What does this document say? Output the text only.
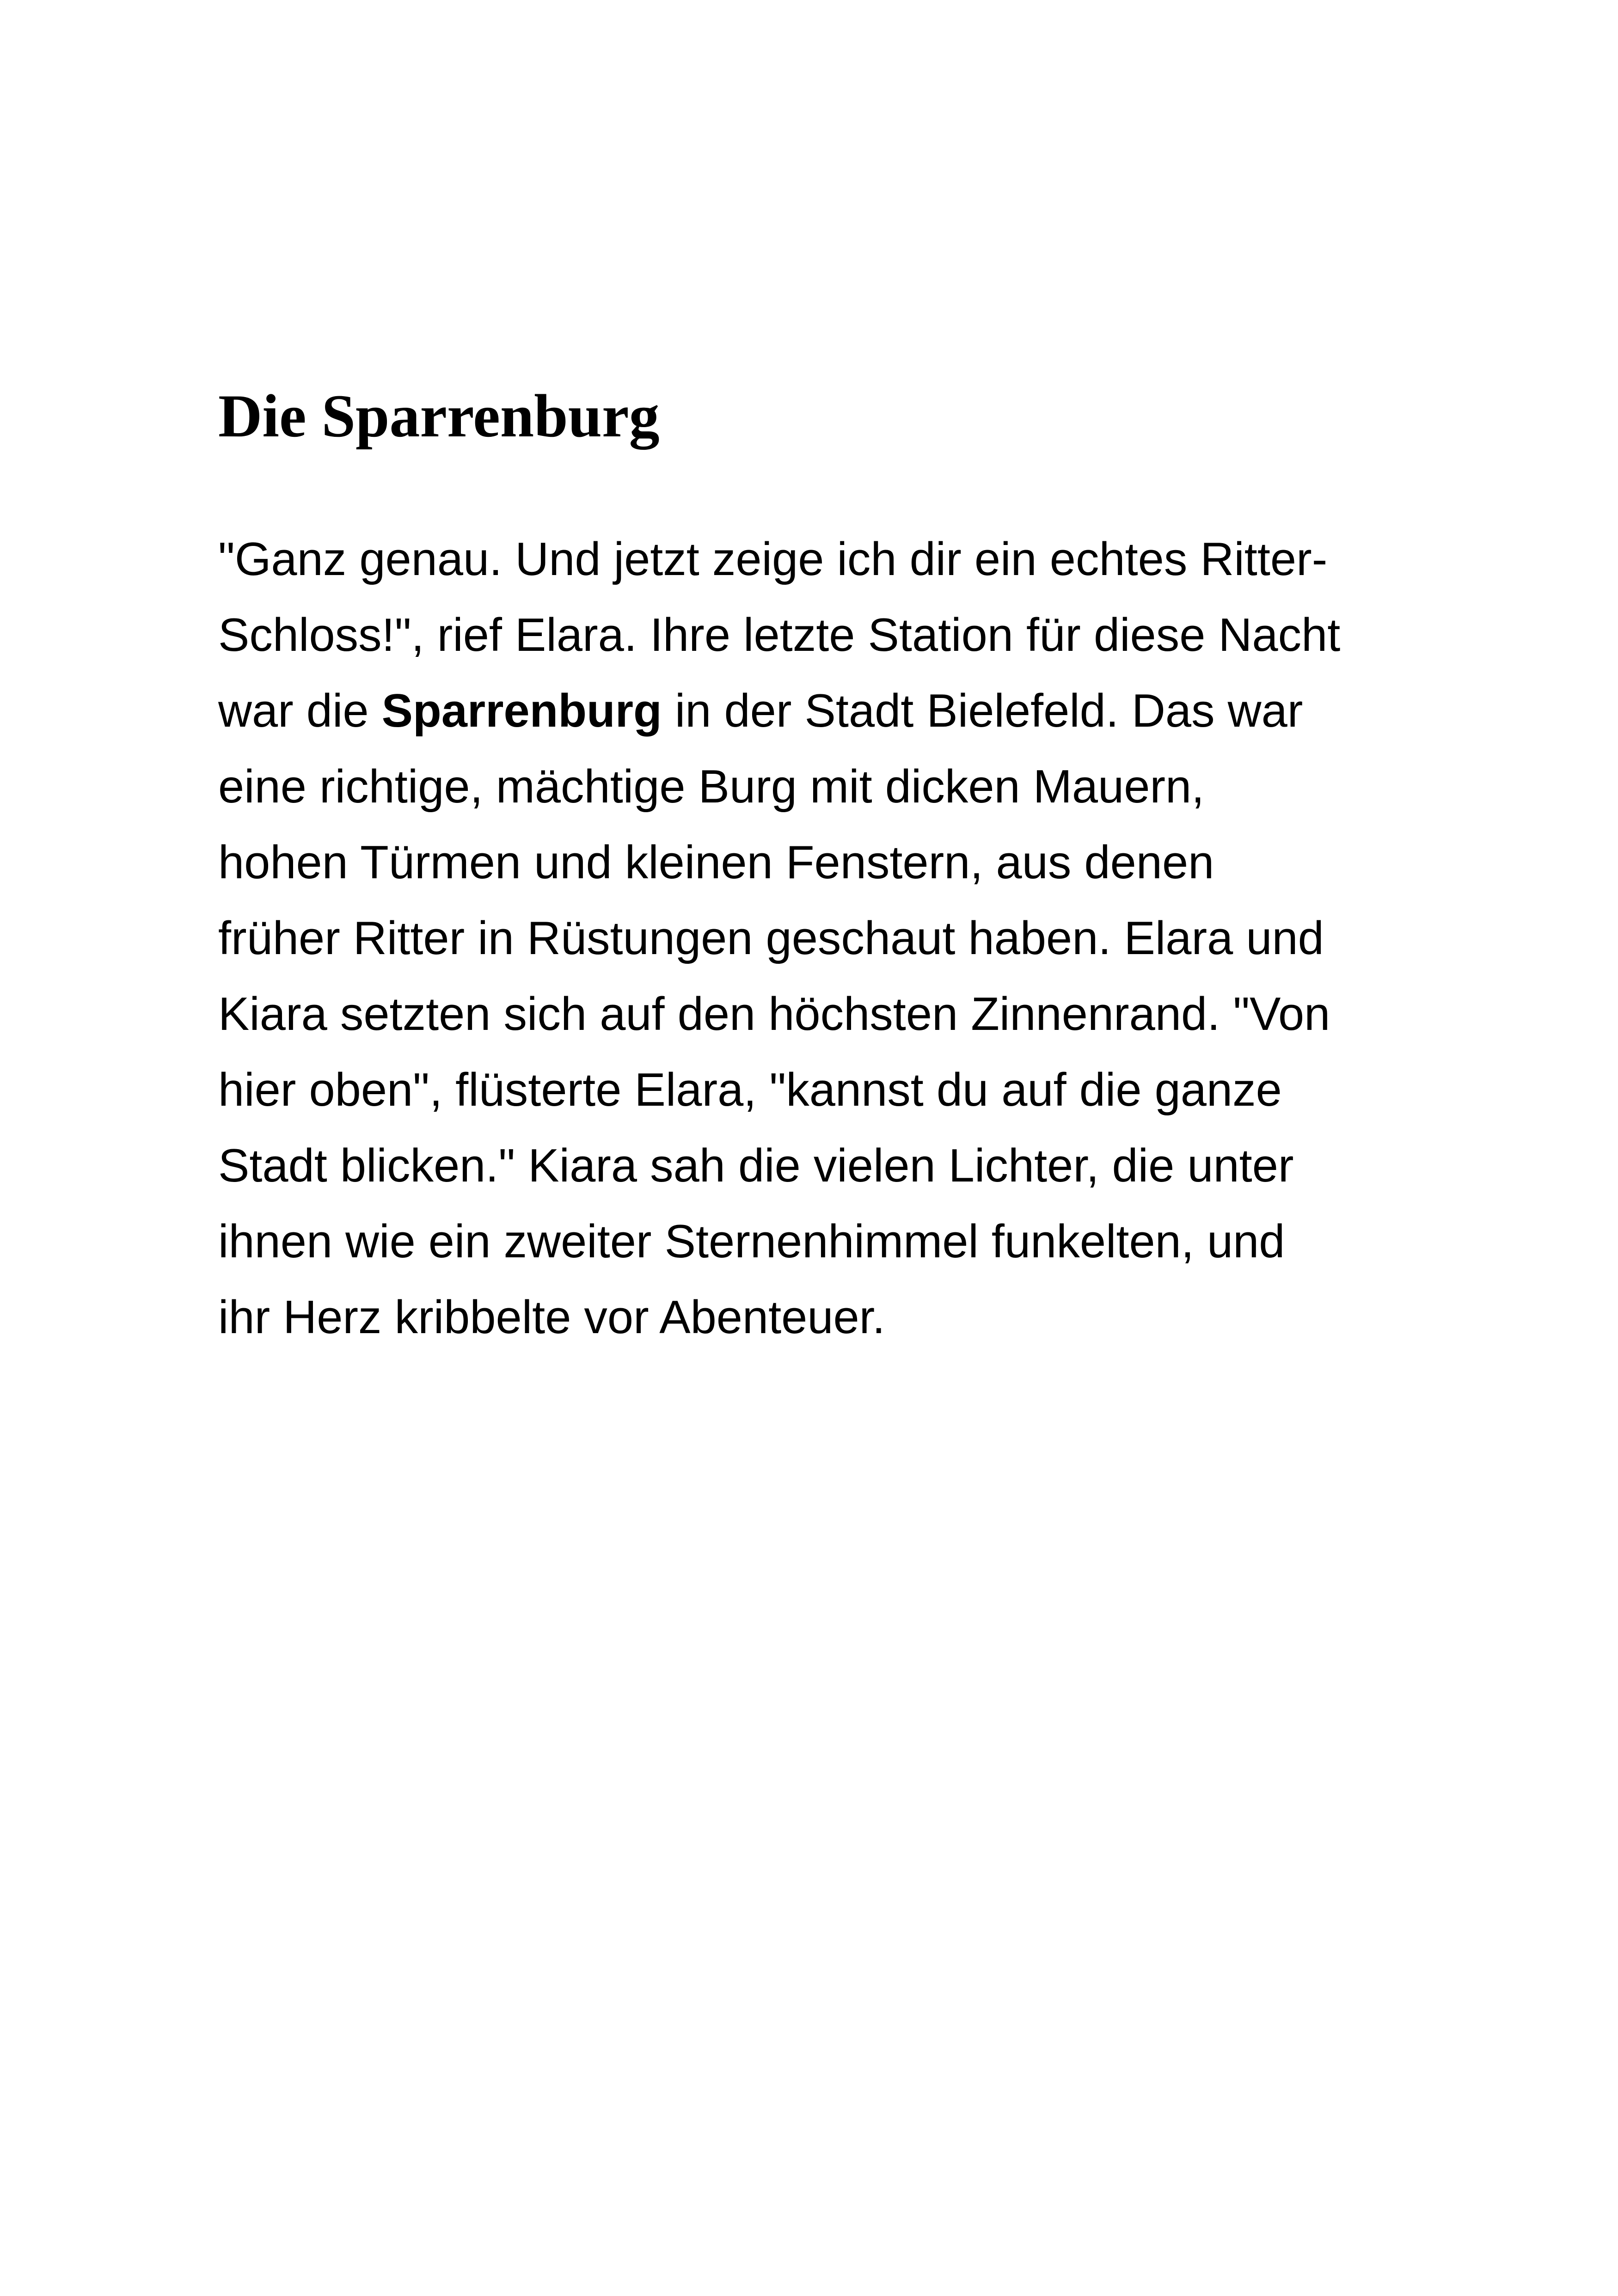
Die Sparrenburg

"Ganz genau. Und jetzt zeige ich dir ein echtes Ritter-
Schloss!", rief Elara. Ihre letzte Station für diese Nacht
war die Sparrenburg in der Stadt Bielefeld. Das war
eine richtige, mächtige Burg mit dicken Mauern,
hohen Türmen und kleinen Fenstern, aus denen
früher Ritter in Rüstungen geschaut haben. Elara und
Kiara setzten sich auf den höchsten Zinnenrand. "Von
hier oben", flüsterte Elara, "kannst du auf die ganze
Stadt blicken." Kiara sah die vielen Lichter, die unter
ihnen wie ein zweiter Sternenhimmel funkelten, und
ihr Herz kribbelte vor Abenteuer.
